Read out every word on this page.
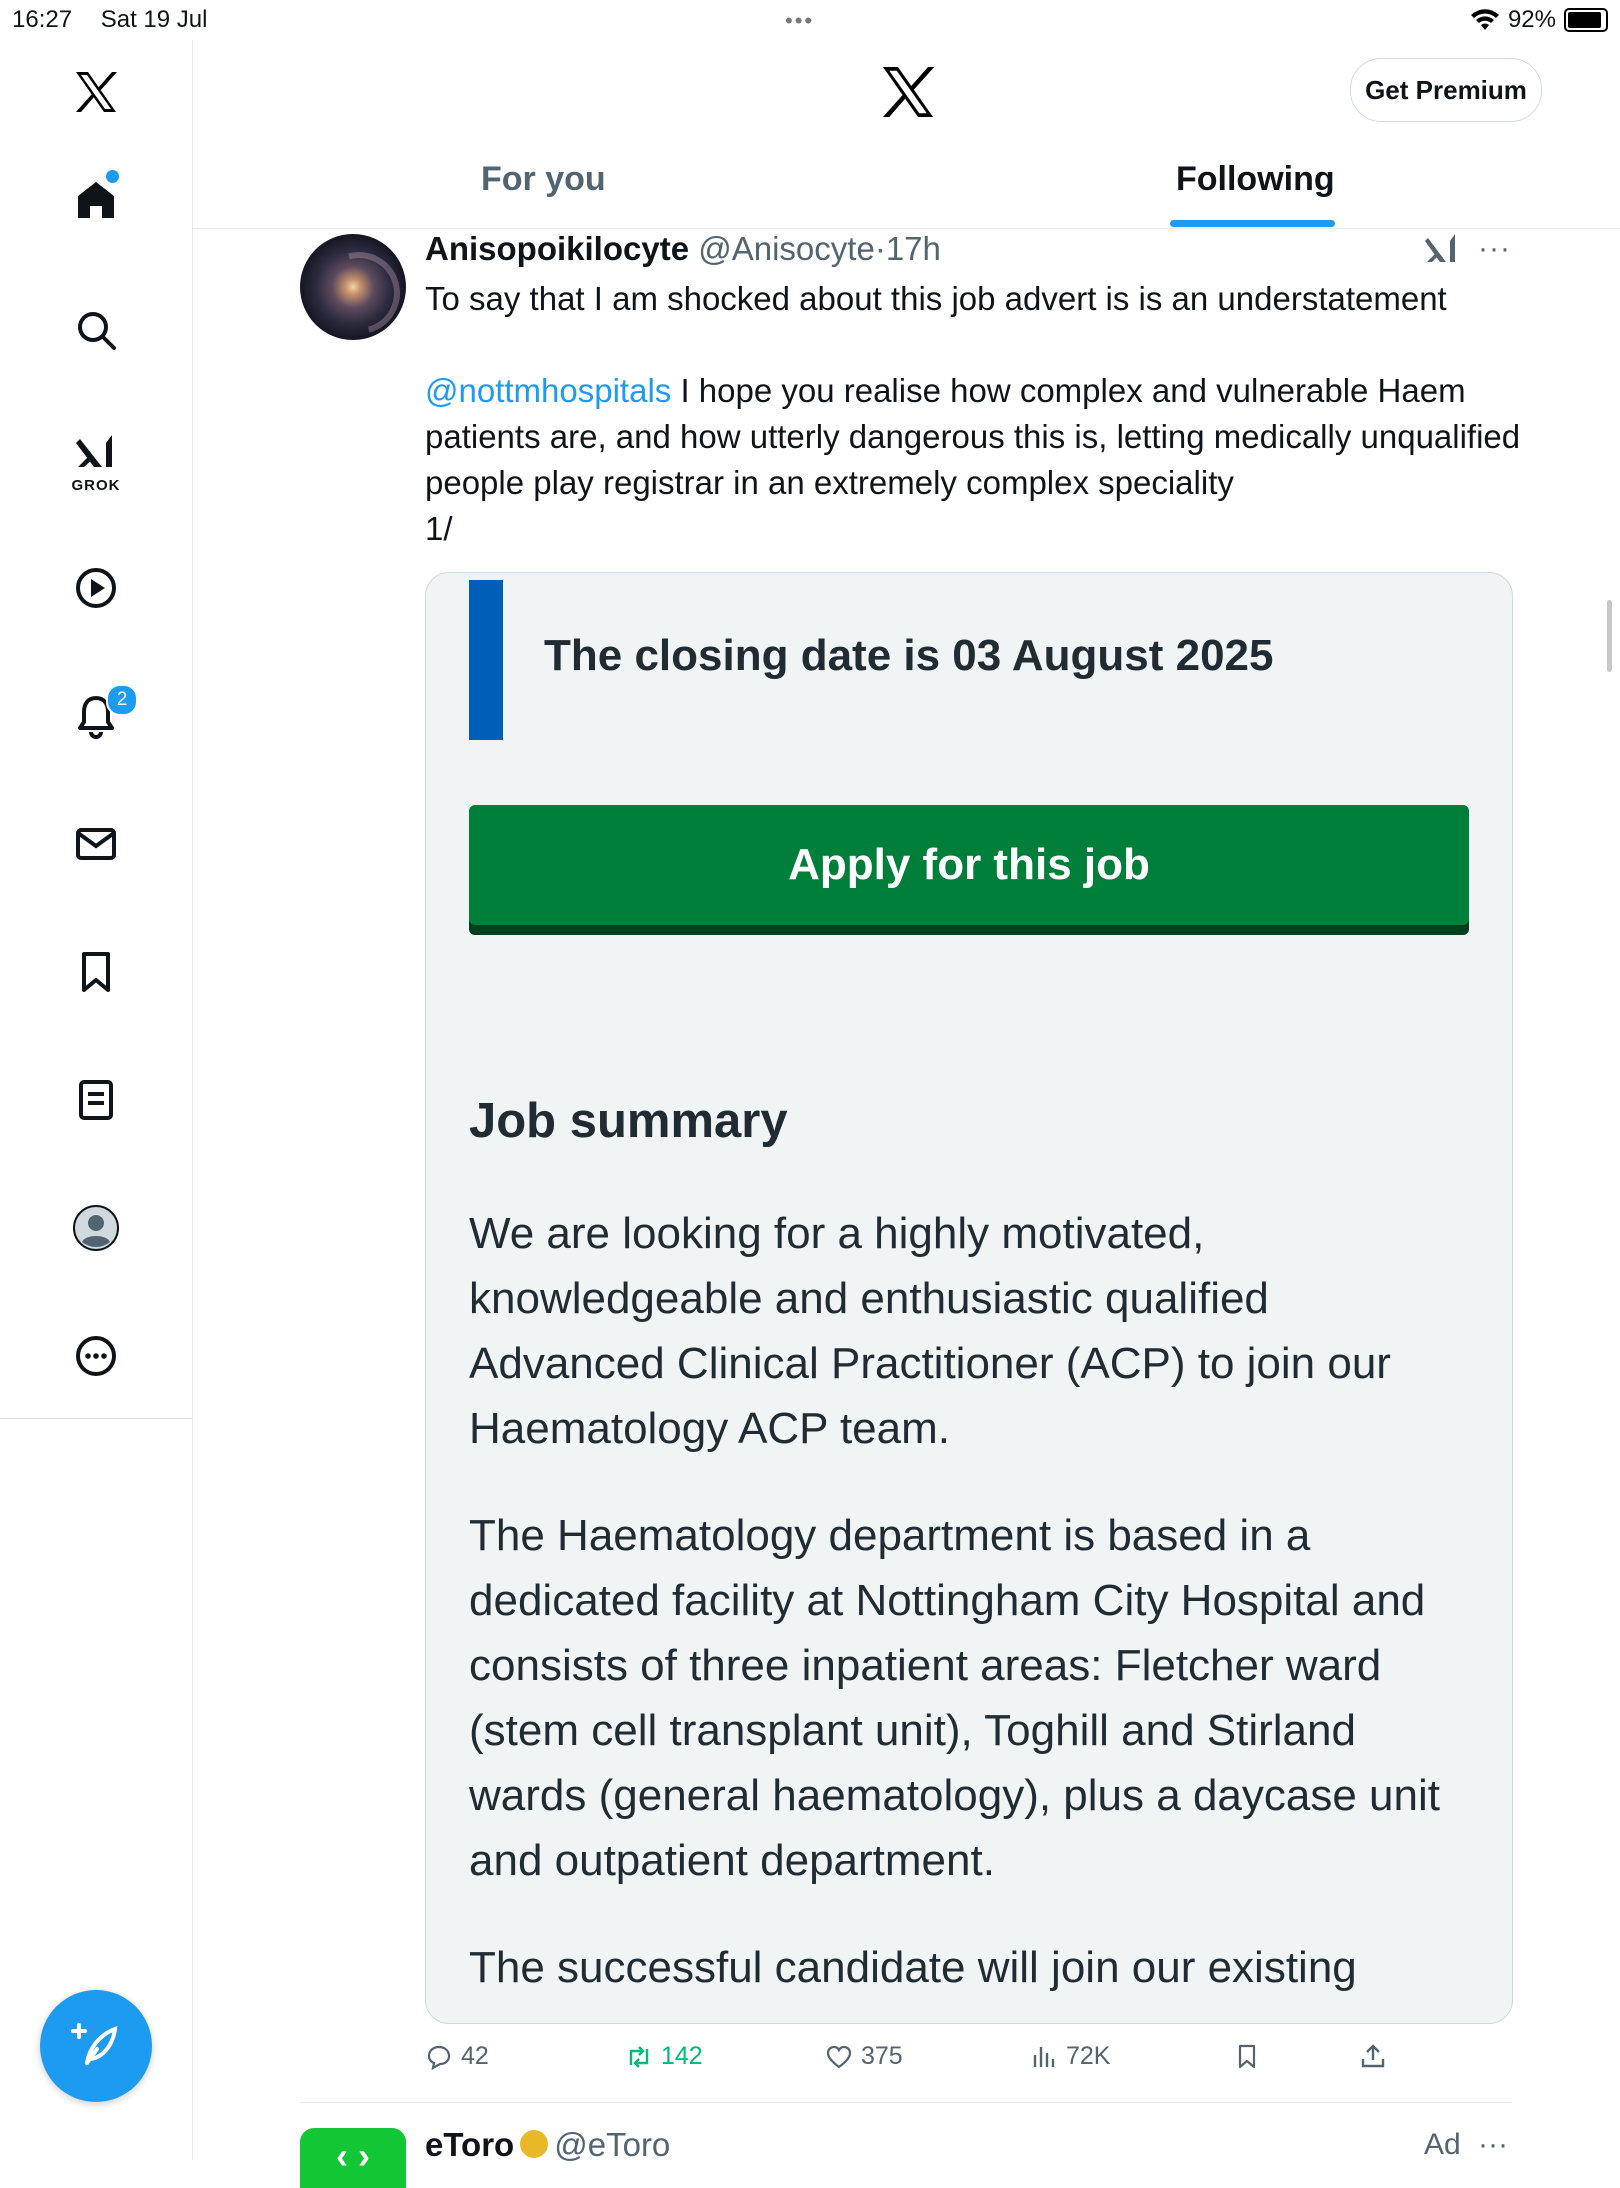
16:27 Sat 19 Jul	•••	92%
GROK
2
Get Premium
For you	Following
Anisopoikilocyte @Anisocyte·17h	···
To say that I am shocked about this job advert is is an understatement
@nottmhospitals I hope you realise how complex and vulnerable Haem patients are, and how utterly dangerous this is, letting medically unqualified people play registrar in an extremely complex speciality
1/
The closing date is 03 August 2025
Apply for this job
Job summary

We are looking for a highly motivated, knowledgeable and enthusiastic qualified Advanced Clinical Practitioner (ACP) to join our Haematology ACP team.

The Haematology department is based in a dedicated facility at Nottingham City Hospital and consists of three inpatient areas: Fletcher ward (stem cell transplant unit), Toghill and Stirland wards (general haematology), plus a daycase unit and outpatient department.

The successful candidate will join our existing

42	142	375	72K
‹ ›	eToro @eToro	Ad ···
